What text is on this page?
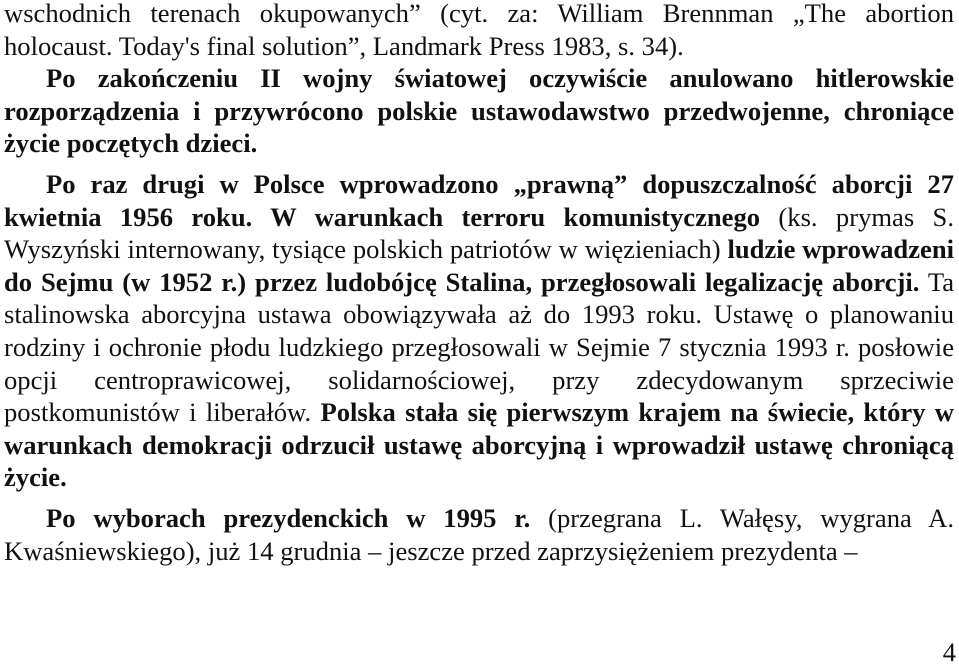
wschodnich terenach okupowanych” (cyt. za: William Brennman „The abortion holocaust. Today's final solution”, Landmark Press 1983, s. 34).

Po zakończeniu II wojny światowej oczywiście anulowano hitlerowskie rozporządzenia i przywrócono polskie ustawodawstwo przedwojenne, chroniące życie poczętych dzieci.

Po raz drugi w Polsce wprowadzono „prawną” dopuszczalność aborcji 27 kwietnia 1956 roku. W warunkach terroru komunistycznego (ks. prymas S. Wyszyński internowany, tysiące polskich patriotów w więzieniach) ludzie wprowadzeni do Sejmu (w 1952 r.) przez ludobójcę Stalina, przegłosowali legalizację aborcji. Ta stalinowska aborcyjna ustawa obowiązywała aż do 1993 roku. Ustawę o planowaniu rodziny i ochronie płodu ludzkiego przegłosowali w Sejmie 7 stycznia 1993 r. posłowie opcji centroprawicowej, solidarnościowej, przy zdecydowanym sprzeciwie postkomunistów i liberałów. Polska stała się pierwszym krajem na świecie, który w warunkach demokracji odrzucił ustawę aborcyjną i wprowadził ustawę chroniącą życie.

Po wyborach prezydenckich w 1995 r. (przegrana L. Wałęsy, wygrana A. Kwaśniewskiego), już 14 grudnia – jeszcze przed zaprzysiężeniem prezydenta –

4
